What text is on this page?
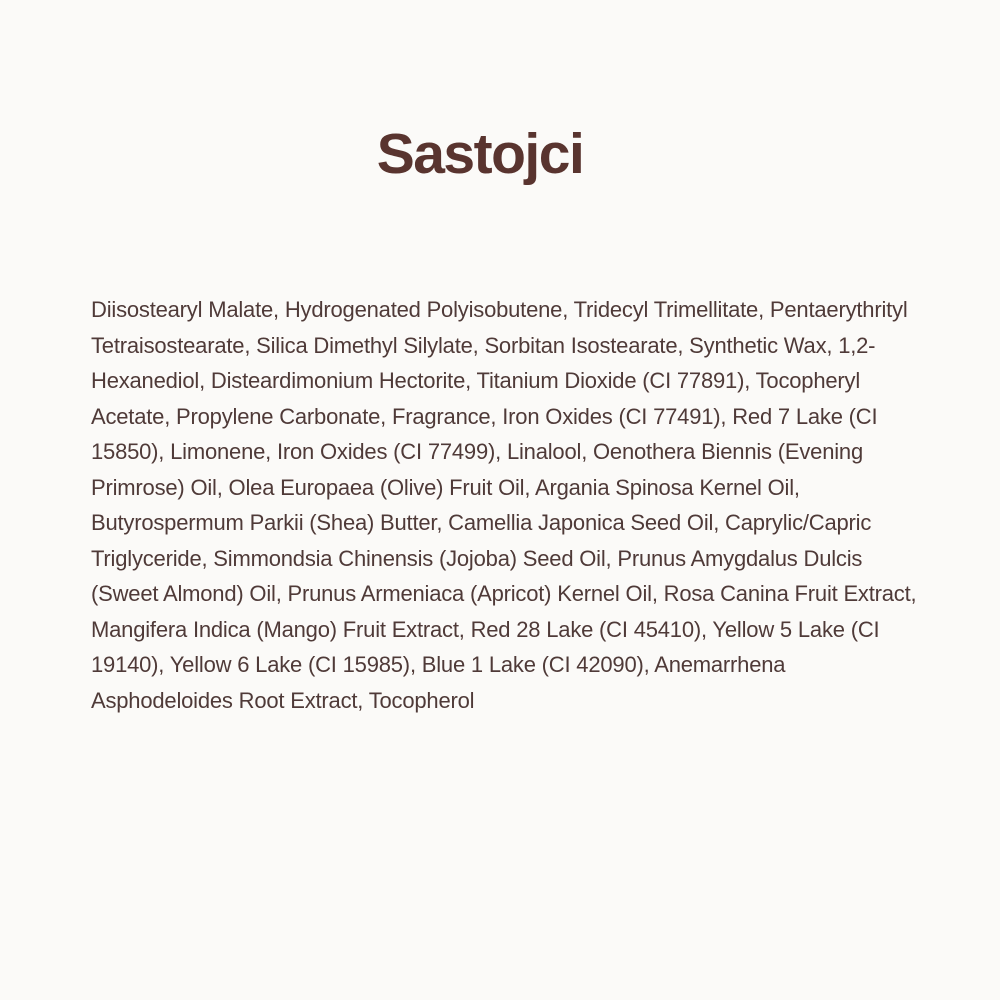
Sastojci

Diisostearyl Malate, Hydrogenated Polyisobutene, Tridecyl Trimellitate, Pentaerythrityl Tetraisostearate, Silica Dimethyl Silylate, Sorbitan Isostearate, Synthetic Wax, 1,2-Hexanediol, Disteardimonium Hectorite, Titanium Dioxide (CI 77891), Tocopheryl Acetate, Propylene Carbonate, Fragrance, Iron Oxides (CI 77491), Red 7 Lake (CI 15850), Limonene, Iron Oxides (CI 77499), Linalool, Oenothera Biennis (Evening Primrose) Oil, Olea Europaea (Olive) Fruit Oil, Argania Spinosa Kernel Oil, Butyrospermum Parkii (Shea) Butter, Camellia Japonica Seed Oil, Caprylic/Capric Triglyceride, Simmondsia Chinensis (Jojoba) Seed Oil, Prunus Amygdalus Dulcis (Sweet Almond) Oil, Prunus Armeniaca (Apricot) Kernel Oil, Rosa Canina Fruit Extract, Mangifera Indica (Mango) Fruit Extract, Red 28 Lake (CI 45410), Yellow 5 Lake (CI 19140), Yellow 6 Lake (CI 15985), Blue 1 Lake (CI 42090), Anemarrhena Asphodeloides Root Extract, Tocopherol
